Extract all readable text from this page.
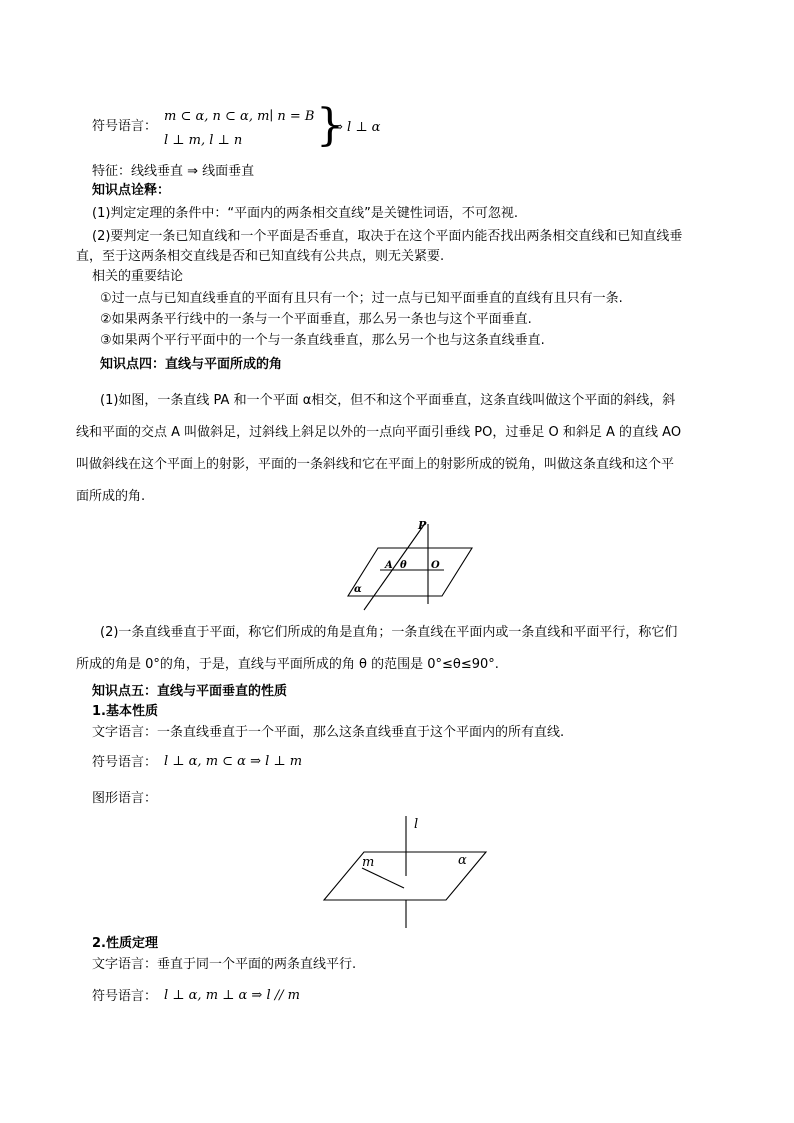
符号语言：
m ⊂ α, n ⊂ α, m∣ n = B
l ⊥ m, l ⊥ n }
⇒ l ⊥ α
特征：线线垂直 ⇒ 线面垂直
知识点诠释：
(1)判定定理的条件中：“平面内的两条相交直线”是关键性词语，不可忽视.
(2)要判定一条已知直线和一个平面是否垂直，取决于在这个平面内能否找出两条相交直线和已知直线垂
直，至于这两条相交直线是否和已知直线有公共点，则无关紧要.
相关的重要结论
①过一点与已知直线垂直的平面有且只有一个；过一点与已知平面垂直的直线有且只有一条.
②如果两条平行线中的一条与一个平面垂直，那么另一条也与这个平面垂直.
③如果两个平行平面中的一个与一条直线垂直，那么另一个也与这条直线垂直.
知识点四：直线与平面所成的角
(1)如图，一条直线 PA 和一个平面 α相交，但不和这个平面垂直，这条直线叫做这个平面的斜线，斜
线和平面的交点 A 叫做斜足，过斜线上斜足以外的一点向平面引垂线 PO，过垂足 O 和斜足 A 的直线 AO
叫做斜线在这个平面上的射影，平面的一条斜线和它在平面上的射影所成的锐角，叫做这条直线和这个平
面所成的角.
P
A θ O
α
(2)一条直线垂直于平面，称它们所成的角是直角；一条直线在平面内或一条直线和平面平行，称它们
所成的角是 0°的角，于是，直线与平面所成的角 θ 的范围是 0°≤θ≤90°.
知识点五：直线与平面垂直的性质
1.基本性质
文字语言：一条直线垂直于一个平面，那么这条直线垂直于这个平面内的所有直线.
符号语言： l ⊥ α, m ⊂ α ⇒ l ⊥ m
图形语言：
l
m	α
2.性质定理
文字语言：垂直于同一个平面的两条直线平行.
符号语言： l ⊥ α, m ⊥ α ⇒ l // m
